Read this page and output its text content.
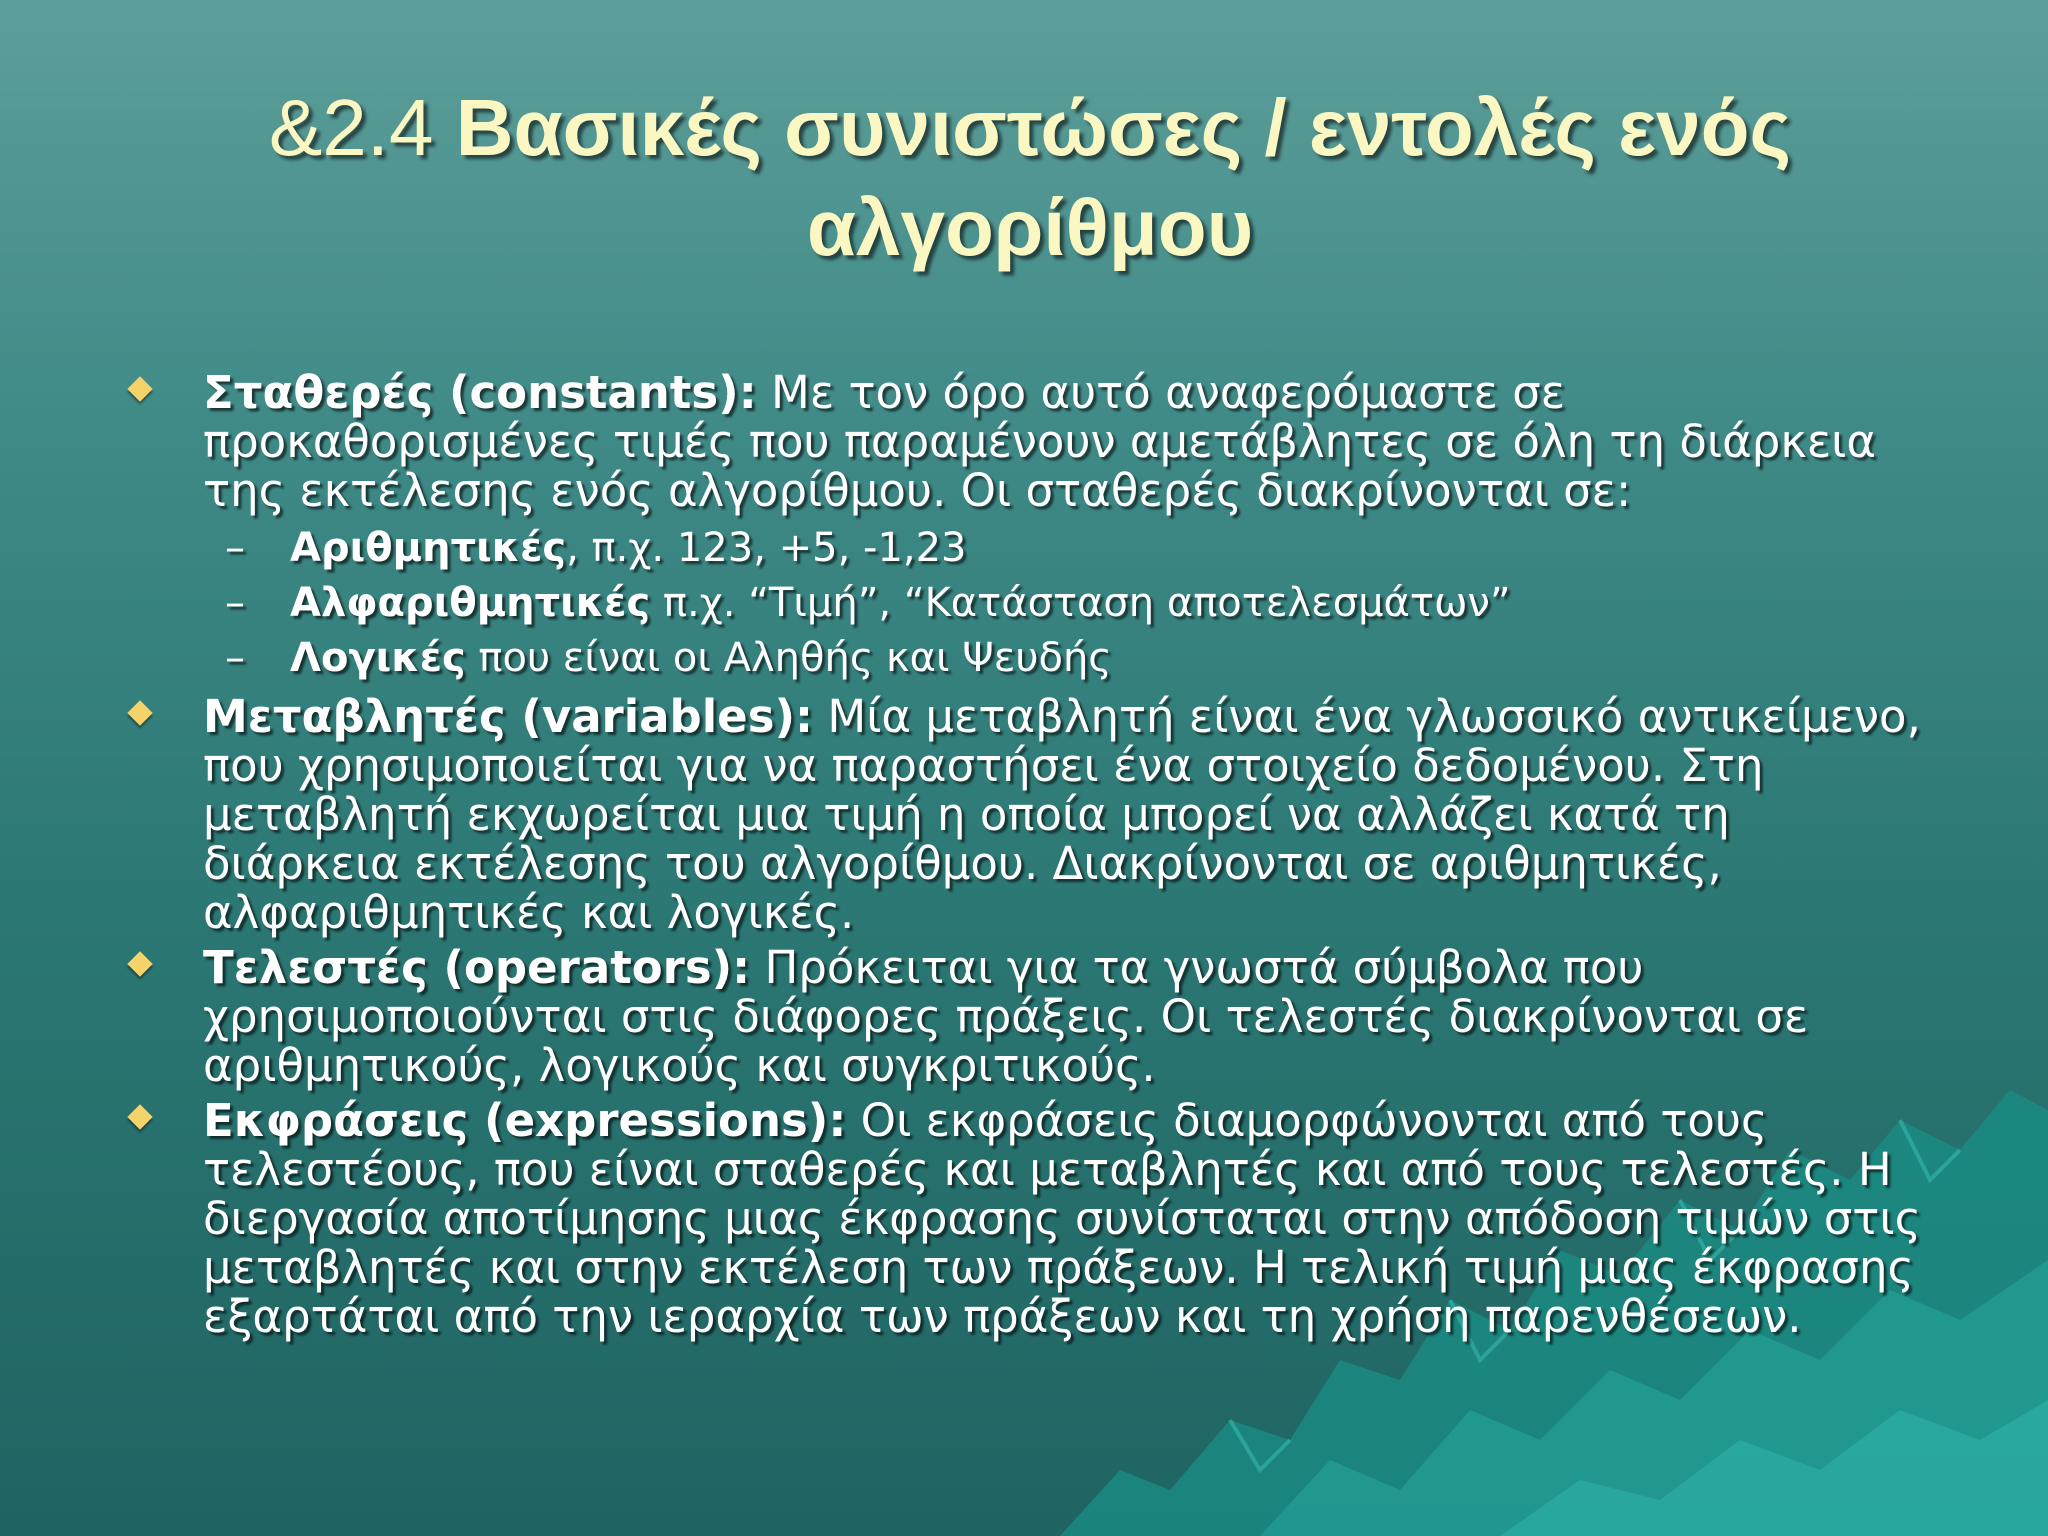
&2.4 Βασικές συνιστώσες / εντολές ενός
αλγορίθμου
Σταθερές (constants): Με τον όρο αυτό αναφερόμαστε σε προκαθορισμένες τιμές που παραμένουν αμετάβλητες σε όλη τη διάρκεια της εκτέλεσης ενός αλγορίθμου. Οι σταθερές διακρίνονται σε:
– Αριθμητικές, π.χ. 123, +5, -1,23
– Αλφαριθμητικές π.χ. “Τιμή”, “Κατάσταση αποτελεσμάτων”
– Λογικές που είναι οι Αληθής και Ψευδής
Μεταβλητές (variables): Μία μεταβλητή είναι ένα γλωσσικό αντικείμενο, που χρησιμοποιείται για να παραστήσει ένα στοιχείο δεδομένου. Στη μεταβλητή εκχωρείται μια τιμή η οποία μπορεί να αλλάζει κατά τη διάρκεια εκτέλεσης του αλγορίθμου. Διακρίνονται σε αριθμητικές, αλφαριθμητικές και λογικές.
Τελεστές (operators): Πρόκειται για τα γνωστά σύμβολα που χρησιμοποιούνται στις διάφορες πράξεις. Οι τελεστές διακρίνονται σε αριθμητικούς, λογικούς και συγκριτικούς.
Εκφράσεις (expressions): Οι εκφράσεις διαμορφώνονται από τους τελεστέους, που είναι σταθερές και μεταβλητές και από τους τελεστές. Η διεργασία αποτίμησης μιας έκφρασης συνίσταται στην απόδοση τιμών στις μεταβλητές και στην εκτέλεση των πράξεων. Η τελική τιμή μιας έκφρασης εξαρτάται από την ιεραρχία των πράξεων και τη χρήση παρενθέσεων.
